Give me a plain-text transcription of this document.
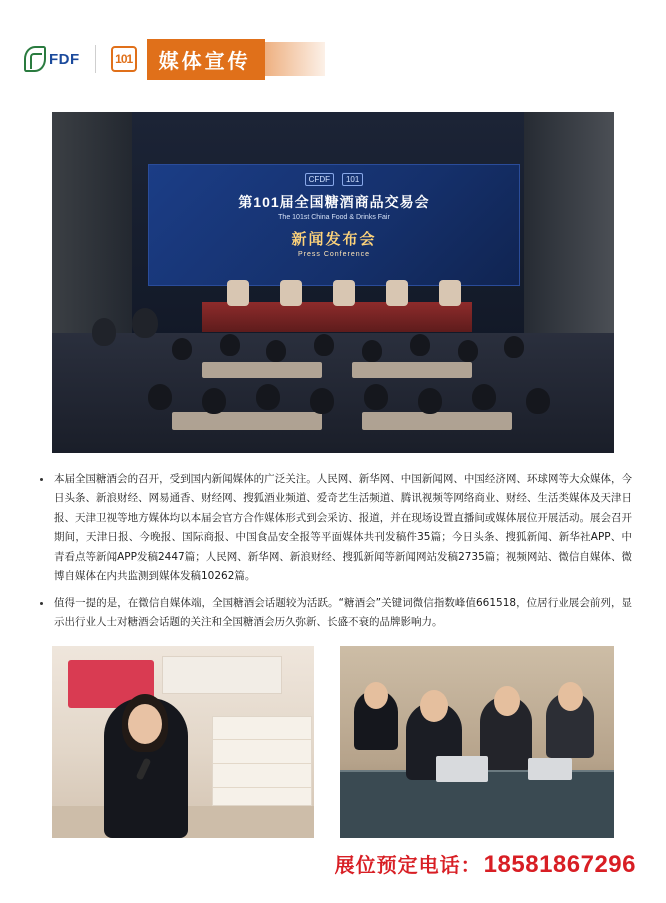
FDF	101	媒体宣传
CFDF	101
第101届全国糖酒商品交易会
The 101st China Food & Drinks Fair
新闻发布会
Press Conference
本届全国糖酒会的召开，受到国内新闻媒体的广泛关注。人民网、新华网、中国新闻网、中国经济网、环球网等大众媒体，今日头条、新浪财经、网易通香、财经网、搜狐酒业频道、爱奇艺生活频道、腾讯视频等网络商业、财经、生活类媒体及天津日报、天津卫视等地方媒体均以本届会官方合作媒体形式到会采访、报道，并在现场设置直播间或媒体展位开展活动。展会召开期间，天津日报、今晚报、国际商报、中国食品安全报等平面媒体共刊发稿件35篇；今日头条、搜狐新闻、新华社APP、中青看点等新闻APP发稿2447篇；人民网、新华网、新浪财经、搜狐新闻等新闻网站发稿2735篇；视频网站、微信自媒体、微博自媒体在内共监测到媒体发稿10262篇。
值得一提的是，在微信自媒体端，全国糖酒会话题较为活跃。“糖酒会”关键词微信指数峰值661518，位居行业展会前列，显示出行业人士对糖酒会话题的关注和全国糖酒会历久弥新、长盛不衰的品牌影响力。
展位预定电话： 18581867296
